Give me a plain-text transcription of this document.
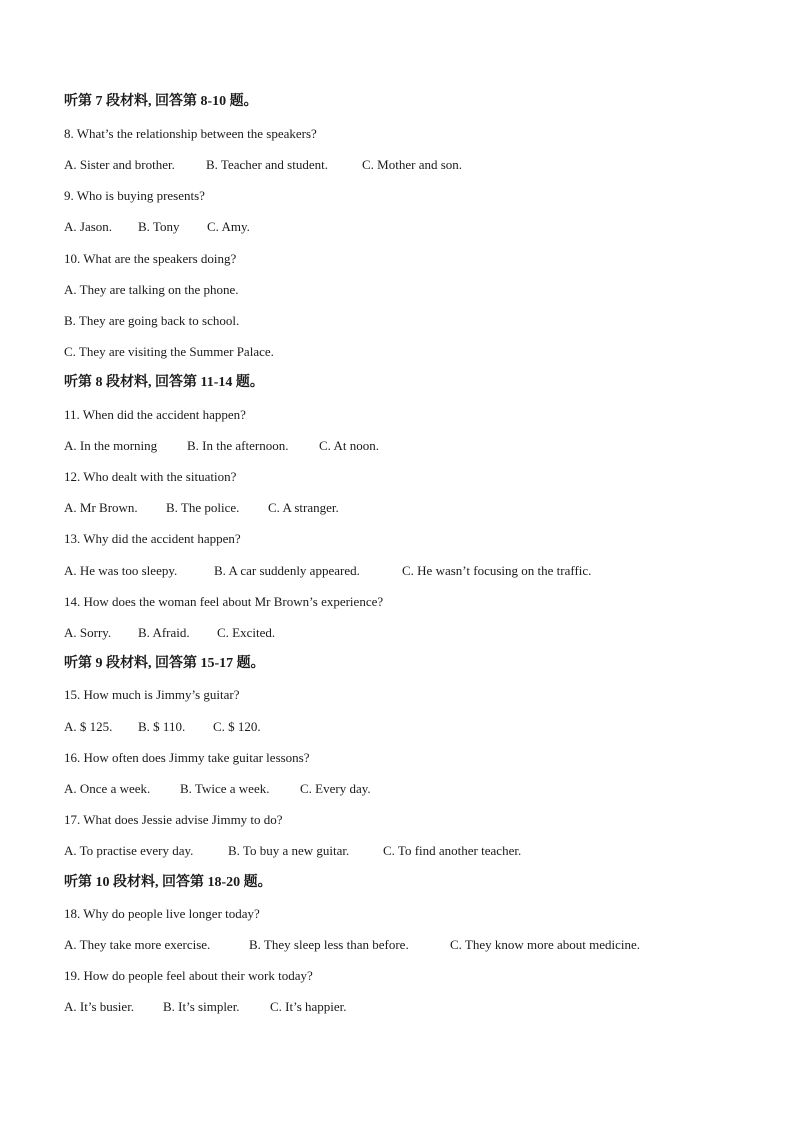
听第 7 段材料, 回答第 8-10 题。
8. What’s the relationship between the speakers?
A. Sister and brother.	B. Teacher and student.	C. Mother and son.
9. Who is buying presents?
A. Jason.	B. Tony	C. Amy.
10. What are the speakers doing?
A. They are talking on the phone.
B. They are going back to school.
C. They are visiting the Summer Palace.
听第 8 段材料, 回答第 11-14 题。
11. When did the accident happen?
A. In the morning	B. In the afternoon.	C. At noon.
12. Who dealt with the situation?
A. Mr Brown.	B. The police.	C. A stranger.
13. Why did the accident happen?
A. He was too sleepy.	B. A car suddenly appeared.	C. He wasn’t focusing on the traffic.
14. How does the woman feel about Mr Brown’s experience?
A. Sorry.	B. Afraid.	C. Excited.
听第 9 段材料, 回答第 15-17 题。
15. How much is Jimmy’s guitar?
A. $ 125.	B. $ 110.	C. $ 120.
16. How often does Jimmy take guitar lessons?
A. Once a week.	B. Twice a week.	C. Every day.
17. What does Jessie advise Jimmy to do?
A. To practise every day.	B. To buy a new guitar.	C. To find another teacher.
听第 10 段材料, 回答第 18-20 题。
18. Why do people live longer today?
A. They take more exercise.	B. They sleep less than before.	C. They know more about medicine.
19. How do people feel about their work today?
A. It’s busier.	B. It’s simpler.	C. It’s happier.
